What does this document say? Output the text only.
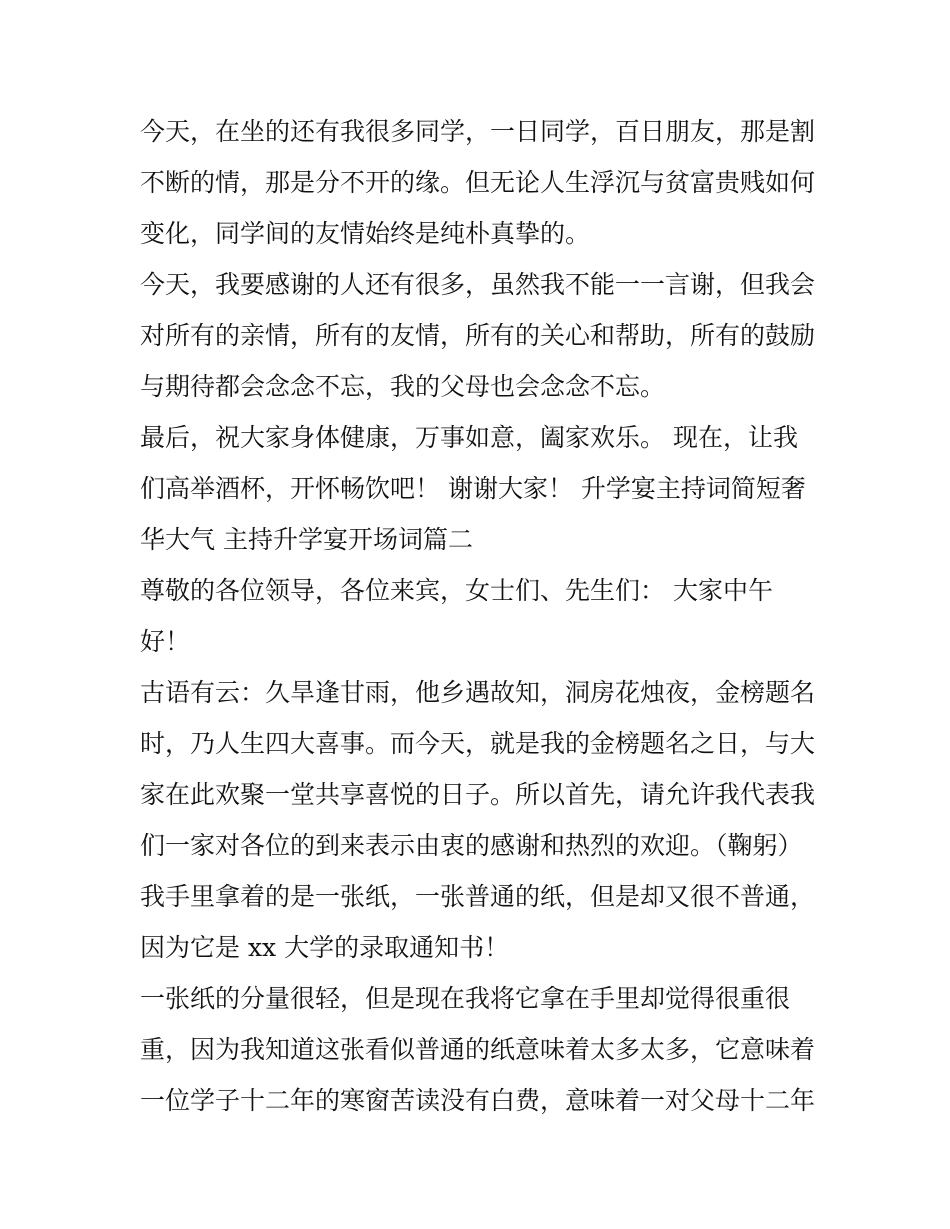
今天，在坐的还有我很多同学，一日同学，百日朋友，那是割
不断的情，那是分不开的缘。但无论人生浮沉与贫富贵贱如何
变化，同学间的友情始终是纯朴真挚的。
今天，我要感谢的人还有很多，虽然我不能一一言谢，但我会
对所有的亲情，所有的友情，所有的关心和帮助，所有的鼓励
与期待都会念念不忘，我的父母也会念念不忘。
最后，祝大家身体健康，万事如意，阖家欢乐。 现在，让我
们高举酒杯，开怀畅饮吧！ 谢谢大家！ 升学宴主持词简短奢
华大气 主持升学宴开场词篇二
尊敬的各位领导，各位来宾，女士们、先生们： 大家中午
好！
古语有云：久旱逢甘雨，他乡遇故知，洞房花烛夜，金榜题名
时，乃人生四大喜事。而今天，就是我的金榜题名之日，与大
家在此欢聚一堂共享喜悦的日子。所以首先，请允许我代表我
们一家对各位的到来表示由衷的感谢和热烈的欢迎。（鞠躬）
我手里拿着的是一张纸，一张普通的纸，但是却又很不普通，
因为它是 xx 大学的录取通知书！
一张纸的分量很轻，但是现在我将它拿在手里却觉得很重很
重，因为我知道这张看似普通的纸意味着太多太多，它意味着
一位学子十二年的寒窗苦读没有白费，意味着一对父母十二年
